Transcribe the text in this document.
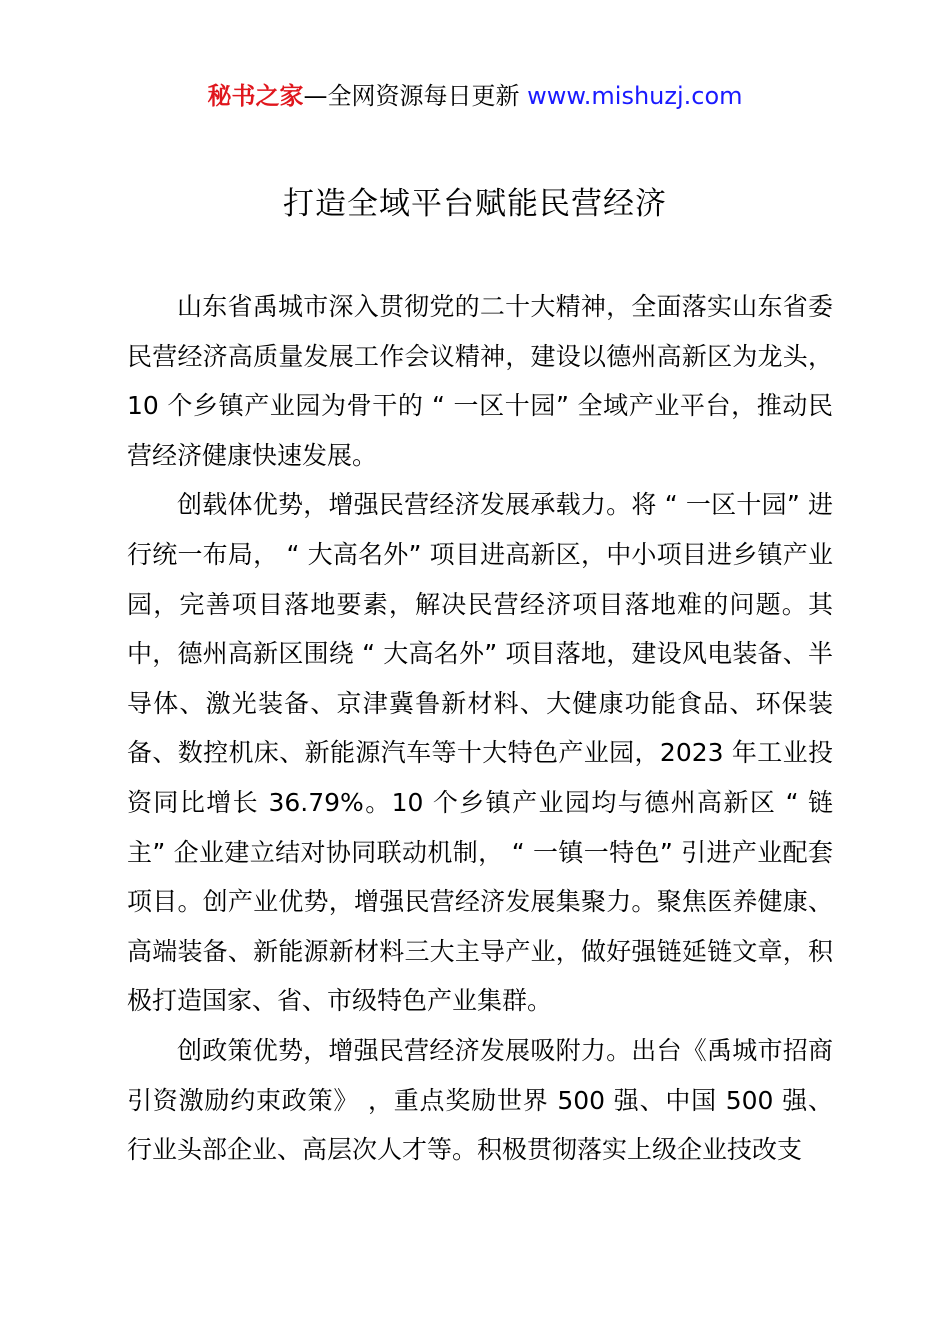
秘书之家—全网资源每日更新 www.mishuzj.com
打造全域平台赋能民营经济

山东省禹城市深入贯彻党的二十大精神，全面落实山东省委民营经济高质量发展工作会议精神，建设以德州高新区为龙头，10 个乡镇产业园为骨干的 “ 一区十园” 全域产业平台，推动民营经济健康快速发展。

创载体优势，增强民营经济发展承载力。将 “ 一区十园” 进行统一布局， “ 大高名外” 项目进高新区，中小项目进乡镇产业园，完善项目落地要素，解决民营经济项目落地难的问题。其中，德州高新区围绕 “ 大高名外” 项目落地，建设风电装备、半导体、激光装备、京津冀鲁新材料、大健康功能食品、环保装备、数控机床、新能源汽车等十大特色产业园，2023 年工业投资同比增长 36.79%。10 个乡镇产业园均与德州高新区 “ 链主” 企业建立结对协同联动机制， “ 一镇一特色” 引进产业配套项目。创产业优势，增强民营经济发展集聚力。聚焦医养健康、高端装备、新能源新材料三大主导产业，做好强链延链文章，积极打造国家、省、市级特色产业集群。

创政策优势，增强民营经济发展吸附力。出台《禹城市招商引资激励约束政策》 ，重点奖励世界 500 强、中国 500 强、行业头部企业、高层次人才等。积极贯彻落实上级企业技改支
